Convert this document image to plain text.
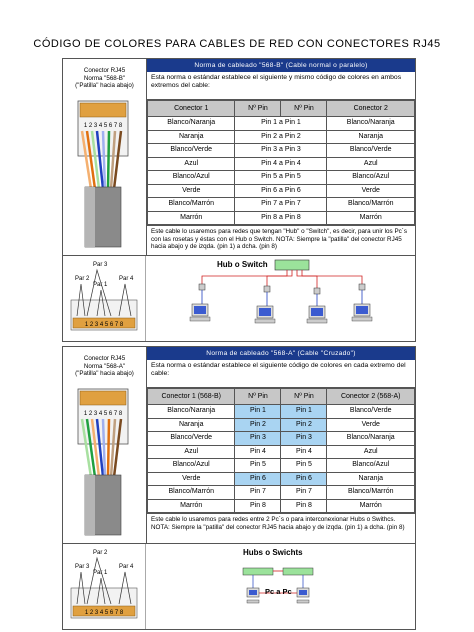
CÓDIGO DE COLORES PARA CABLES DE RED CON CONECTORES RJ45
Conector RJ45
Norma "568-B"
("Patilla" hacia abajo)
1 2 3 4 5 6 7 8
Norma de cableado "568-B" (Cable normal o paralelo)
Esta norma o estándar establece el siguiente y mismo código de colores en ambos extremos del cable:
Conector 1	Nº Pin	Nº Pin	Conector 2
Blanco/Naranja	Pin 1 a Pin 1		Blanco/Naranja
Naranja	Pin 2 a Pin 2		Naranja
Blanco/Verde	Pin 3 a Pin 3		Blanco/Verde
Azul	Pin 4 a Pin 4		Azul
Blanco/Azul	Pin 5 a Pin 5		Blanco/Azul
Verde	Pin 6 a Pin 6		Verde
Blanco/Marrón	Pin 7 a Pin 7		Blanco/Marrón
Marrón	Pin 8 a Pin 8		Marrón
Este cable lo usaremos para redes que tengan "Hub" o "Switch", es decir, para unir los Pc´s con las rosetas y éstas con el Hub o Switch. NOTA: Siempre la "patilla" del conector RJ45 hacia abajo y de izqda. (pin 1) a dcha. (pin 8)
1 2 3 4 5 6 7 8
Par 3
Par 2
Par 1
Par 4
Hub o Switch
Conector RJ45
Norma "568-A"
("Patilla" hacia abajo)
1 2 3 4 5 6 7 8
Norma de cableado "568-A" (Cable "Cruzado")
Esta norma o estándar establece el siguiente código de colores en cada extremo del cable:
Conector 1 (568-B)	Nº Pin	Nº Pin	Conector 2 (568-A)
Blanco/Naranja	Pin 1	Pin 1	Blanco/Verde
Naranja	Pin 2	Pin 2	Verde
Blanco/Verde	Pin 3	Pin 3	Blanco/Naranja
Azul	Pin 4	Pin 4	Azul
Blanco/Azul	Pin 5	Pin 5	Blanco/Azul
Verde	Pin 6	Pin 6	Naranja
Blanco/Marrón	Pin 7	Pin 7	Blanco/Marrón
Marrón	Pin 8	Pin 8	Marrón
Este cable lo usaremos para redes entre 2 Pc´s o para interconexionar Hubs o Swithcs. NOTA: Siempre la "patilla" del conector RJ45 hacia abajo y de izqda. (pin 1) a dcha. (pin 8)
1 2 3 4 5 6 7 8
Par 2
Par 3
Par 1
Par 4
Hubs o Swichts
Pc a Pc
